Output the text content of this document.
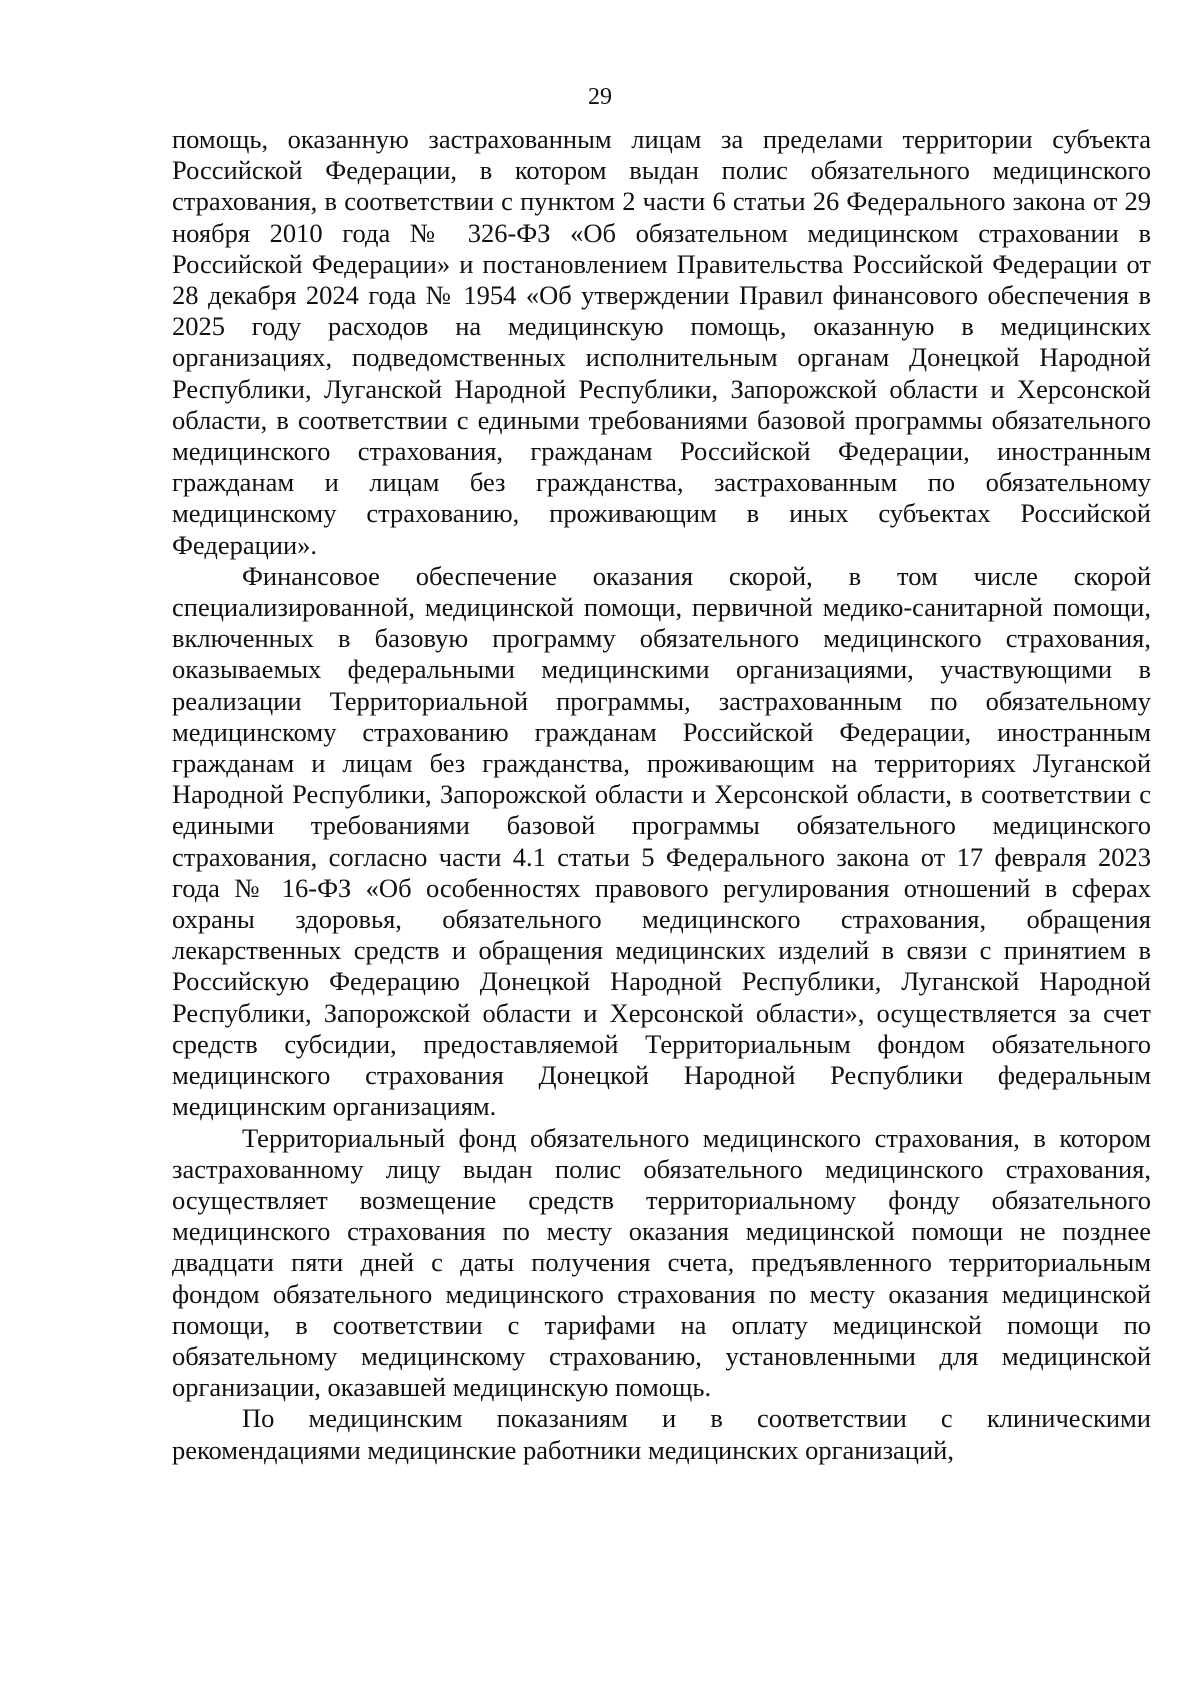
29

помощь, оказанную застрахованным лицам за пределами территории субъекта Российской Федерации, в котором выдан полис обязательного медицинского страхования, в соответствии с пунктом 2 части 6 статьи 26 Федерального закона от 29 ноября 2010 года № 326-ФЗ «Об обязательном медицинском страховании в Российской Федерации» и постановлением Правительства Российской Федерации от 28 декабря 2024 года № 1954 «Об утверждении Правил финансового обеспечения в 2025 году расходов на медицинскую помощь, оказанную в медицинских организациях, подведомственных исполнительным органам Донецкой Народной Республики, Луганской Народной Республики, Запорожской области и Херсонской области, в соответствии с едиными требованиями базовой программы обязательного медицинского страхования, гражданам Российской Федерации, иностранным гражданам и лицам без гражданства, застрахованным по обязательному медицинскому страхованию, проживающим в иных субъектах Российской Федерации».

Финансовое обеспечение оказания скорой, в том числе скорой специализированной, медицинской помощи, первичной медико-санитарной помощи, включенных в базовую программу обязательного медицинского страхования, оказываемых федеральными медицинскими организациями, участвующими в реализации Территориальной программы, застрахованным по обязательному медицинскому страхованию гражданам Российской Федерации, иностранным гражданам и лицам без гражданства, проживающим на территориях Луганской Народной Республики, Запорожской области и Херсонской области, в соответствии с едиными требованиями базовой программы обязательного медицинского страхования, согласно части 4.1 статьи 5 Федерального закона от 17 февраля 2023 года № 16-ФЗ «Об особенностях правового регулирования отношений в сферах охраны здоровья, обязательного медицинского страхования, обращения лекарственных средств и обращения медицинских изделий в связи с принятием в Российскую Федерацию Донецкой Народной Республики, Луганской Народной Республики, Запорожской области и Херсонской области», осуществляется за счет средств субсидии, предоставляемой Территориальным фондом обязательного медицинского страхования Донецкой Народной Республики федеральным медицинским организациям.

Территориальный фонд обязательного медицинского страхования, в котором застрахованному лицу выдан полис обязательного медицинского страхования, осуществляет возмещение средств территориальному фонду обязательного медицинского страхования по месту оказания медицинской помощи не позднее двадцати пяти дней с даты получения счета, предъявленного территориальным фондом обязательного медицинского страхования по месту оказания медицинской помощи, в соответствии с тарифами на оплату медицинской помощи по обязательному медицинскому страхованию, установленными для медицинской организации, оказавшей медицинскую помощь.

По медицинским показаниям и в соответствии с клиническими рекомендациями медицинские работники медицинских организаций,
